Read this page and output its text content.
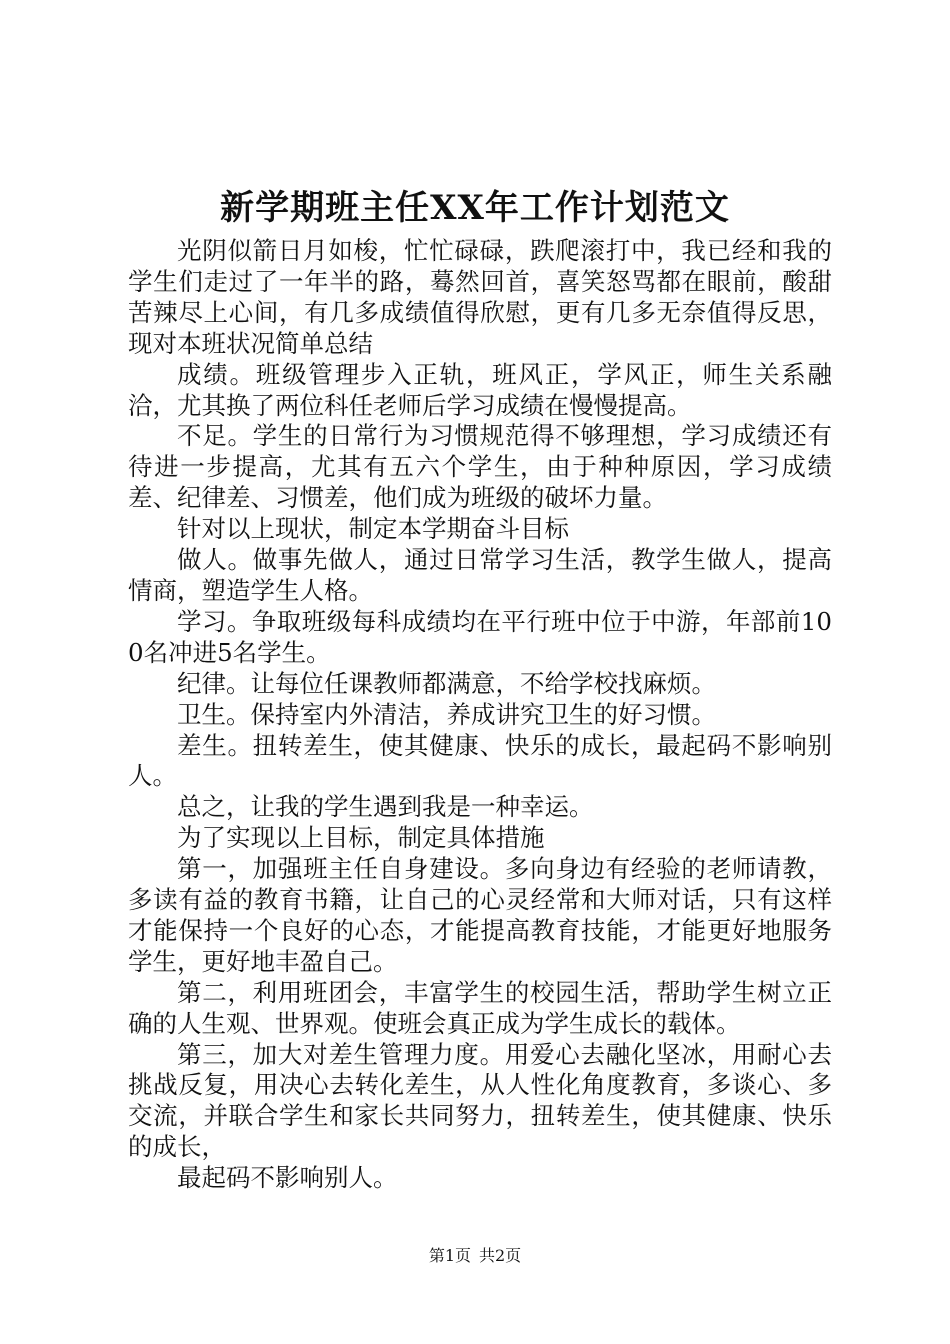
新学期班主任XX年工作计划范文

光阴似箭日月如梭，忙忙碌碌，跌爬滚打中，我已经和我的学生们走过了一年半的路，蓦然回首，喜笑怒骂都在眼前，酸甜苦辣尽上心间，有几多成绩值得欣慰，更有几多无奈值得反思，现对本班状况简单总结

成绩。班级管理步入正轨，班风正，学风正，师生关系融洽，尤其换了两位科任老师后学习成绩在慢慢提高。

不足。学生的日常行为习惯规范得不够理想，学习成绩还有待进一步提高，尤其有五六个学生，由于种种原因，学习成绩差、纪律差、习惯差，他们成为班级的破坏力量。

针对以上现状，制定本学期奋斗目标

做人。做事先做人，通过日常学习生活，教学生做人，提高情商，塑造学生人格。

学习。争取班级每科成绩均在平行班中位于中游，年部前100名冲进5名学生。

纪律。让每位任课教师都满意，不给学校找麻烦。

卫生。保持室内外清洁，养成讲究卫生的好习惯。

差生。扭转差生，使其健康、快乐的成长，最起码不影响别人。

总之，让我的学生遇到我是一种幸运。

为了实现以上目标，制定具体措施

第一，加强班主任自身建设。多向身边有经验的老师请教，多读有益的教育书籍，让自己的心灵经常和大师对话，只有这样才能保持一个良好的心态，才能提高教育技能，才能更好地服务学生，更好地丰盈自己。

第二，利用班团会，丰富学生的校园生活，帮助学生树立正确的人生观、世界观。使班会真正成为学生成长的载体。

第三，加大对差生管理力度。用爱心去融化坚冰，用耐心去挑战反复，用决心去转化差生，从人性化角度教育，多谈心、多交流，并联合学生和家长共同努力，扭转差生，使其健康、快乐的成长，

最起码不影响别人。

第1页 共2页
